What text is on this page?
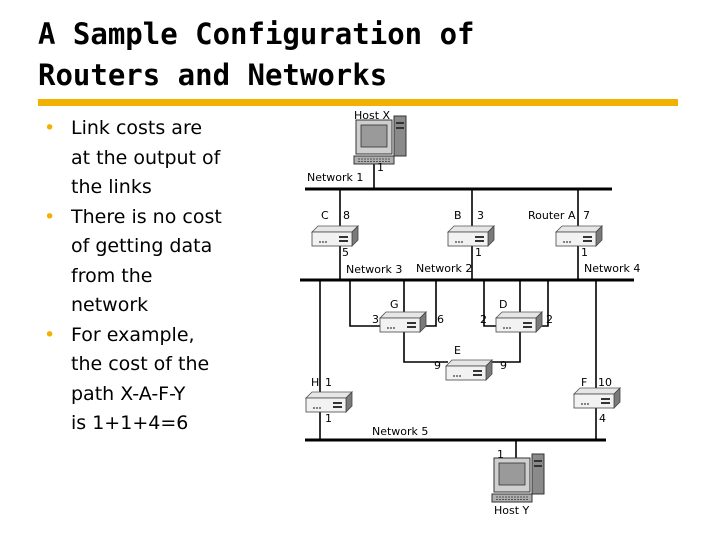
A Sample Configuration of
Routers and Networks
• Link costs are
at the output of
the links
• There is no cost
of getting data
from the
network
• For example,
the cost of the
path X-A-F-Y
is 1+1+4=6
Host X
Host Y
Network 1
Network 3 Network 2	Network 4
Network 5
C	B	Router A
G	D
E
H	F
1
8
5
3
1
7
1
3	6	2	2
9	9
1
1
10
4
1
